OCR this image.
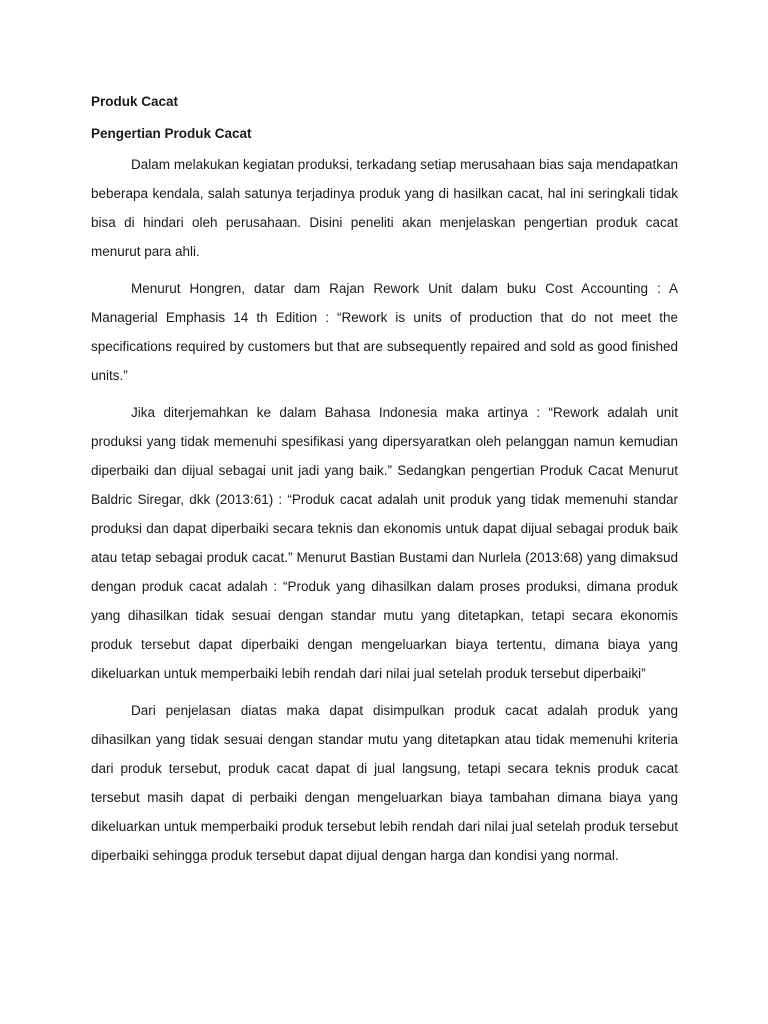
Produk Cacat
Pengertian Produk Cacat

Dalam melakukan kegiatan produksi, terkadang setiap merusahaan bias saja mendapatkan beberapa kendala, salah satunya terjadinya produk yang di hasilkan cacat, hal ini seringkali tidak bisa di hindari oleh perusahaan. Disini peneliti akan menjelaskan pengertian produk cacat menurut para ahli.

Menurut Hongren, datar dam Rajan Rework Unit dalam buku Cost Accounting : A Managerial Emphasis 14 th Edition : “Rework is units of production that do not meet the specifications required by customers but that are subsequently repaired and sold as good finished units.”

Jika diterjemahkan ke dalam Bahasa Indonesia maka artinya : “Rework adalah unit produksi yang tidak memenuhi spesifikasi yang dipersyaratkan oleh pelanggan namun kemudian diperbaiki dan dijual sebagai unit jadi yang baik.” Sedangkan pengertian Produk Cacat Menurut Baldric Siregar, dkk (2013:61) : “Produk cacat adalah unit produk yang tidak memenuhi standar produksi dan dapat diperbaiki secara teknis dan ekonomis untuk dapat dijual sebagai produk baik atau tetap sebagai produk cacat.” Menurut Bastian Bustami dan Nurlela (2013:68) yang dimaksud dengan produk cacat adalah : “Produk yang dihasilkan dalam proses produksi, dimana produk yang dihasilkan tidak sesuai dengan standar mutu yang ditetapkan, tetapi secara ekonomis produk tersebut dapat diperbaiki dengan mengeluarkan biaya tertentu, dimana biaya yang dikeluarkan untuk memperbaiki lebih rendah dari nilai jual setelah produk tersebut diperbaiki”

Dari penjelasan diatas maka dapat disimpulkan produk cacat adalah produk yang dihasilkan yang tidak sesuai dengan standar mutu yang ditetapkan atau tidak memenuhi kriteria dari produk tersebut, produk cacat dapat di jual langsung, tetapi secara teknis produk cacat tersebut masih dapat di perbaiki dengan mengeluarkan biaya tambahan dimana biaya yang dikeluarkan untuk memperbaiki produk tersebut lebih rendah dari nilai jual setelah produk tersebut diperbaiki sehingga produk tersebut dapat dijual dengan harga dan kondisi yang normal.
